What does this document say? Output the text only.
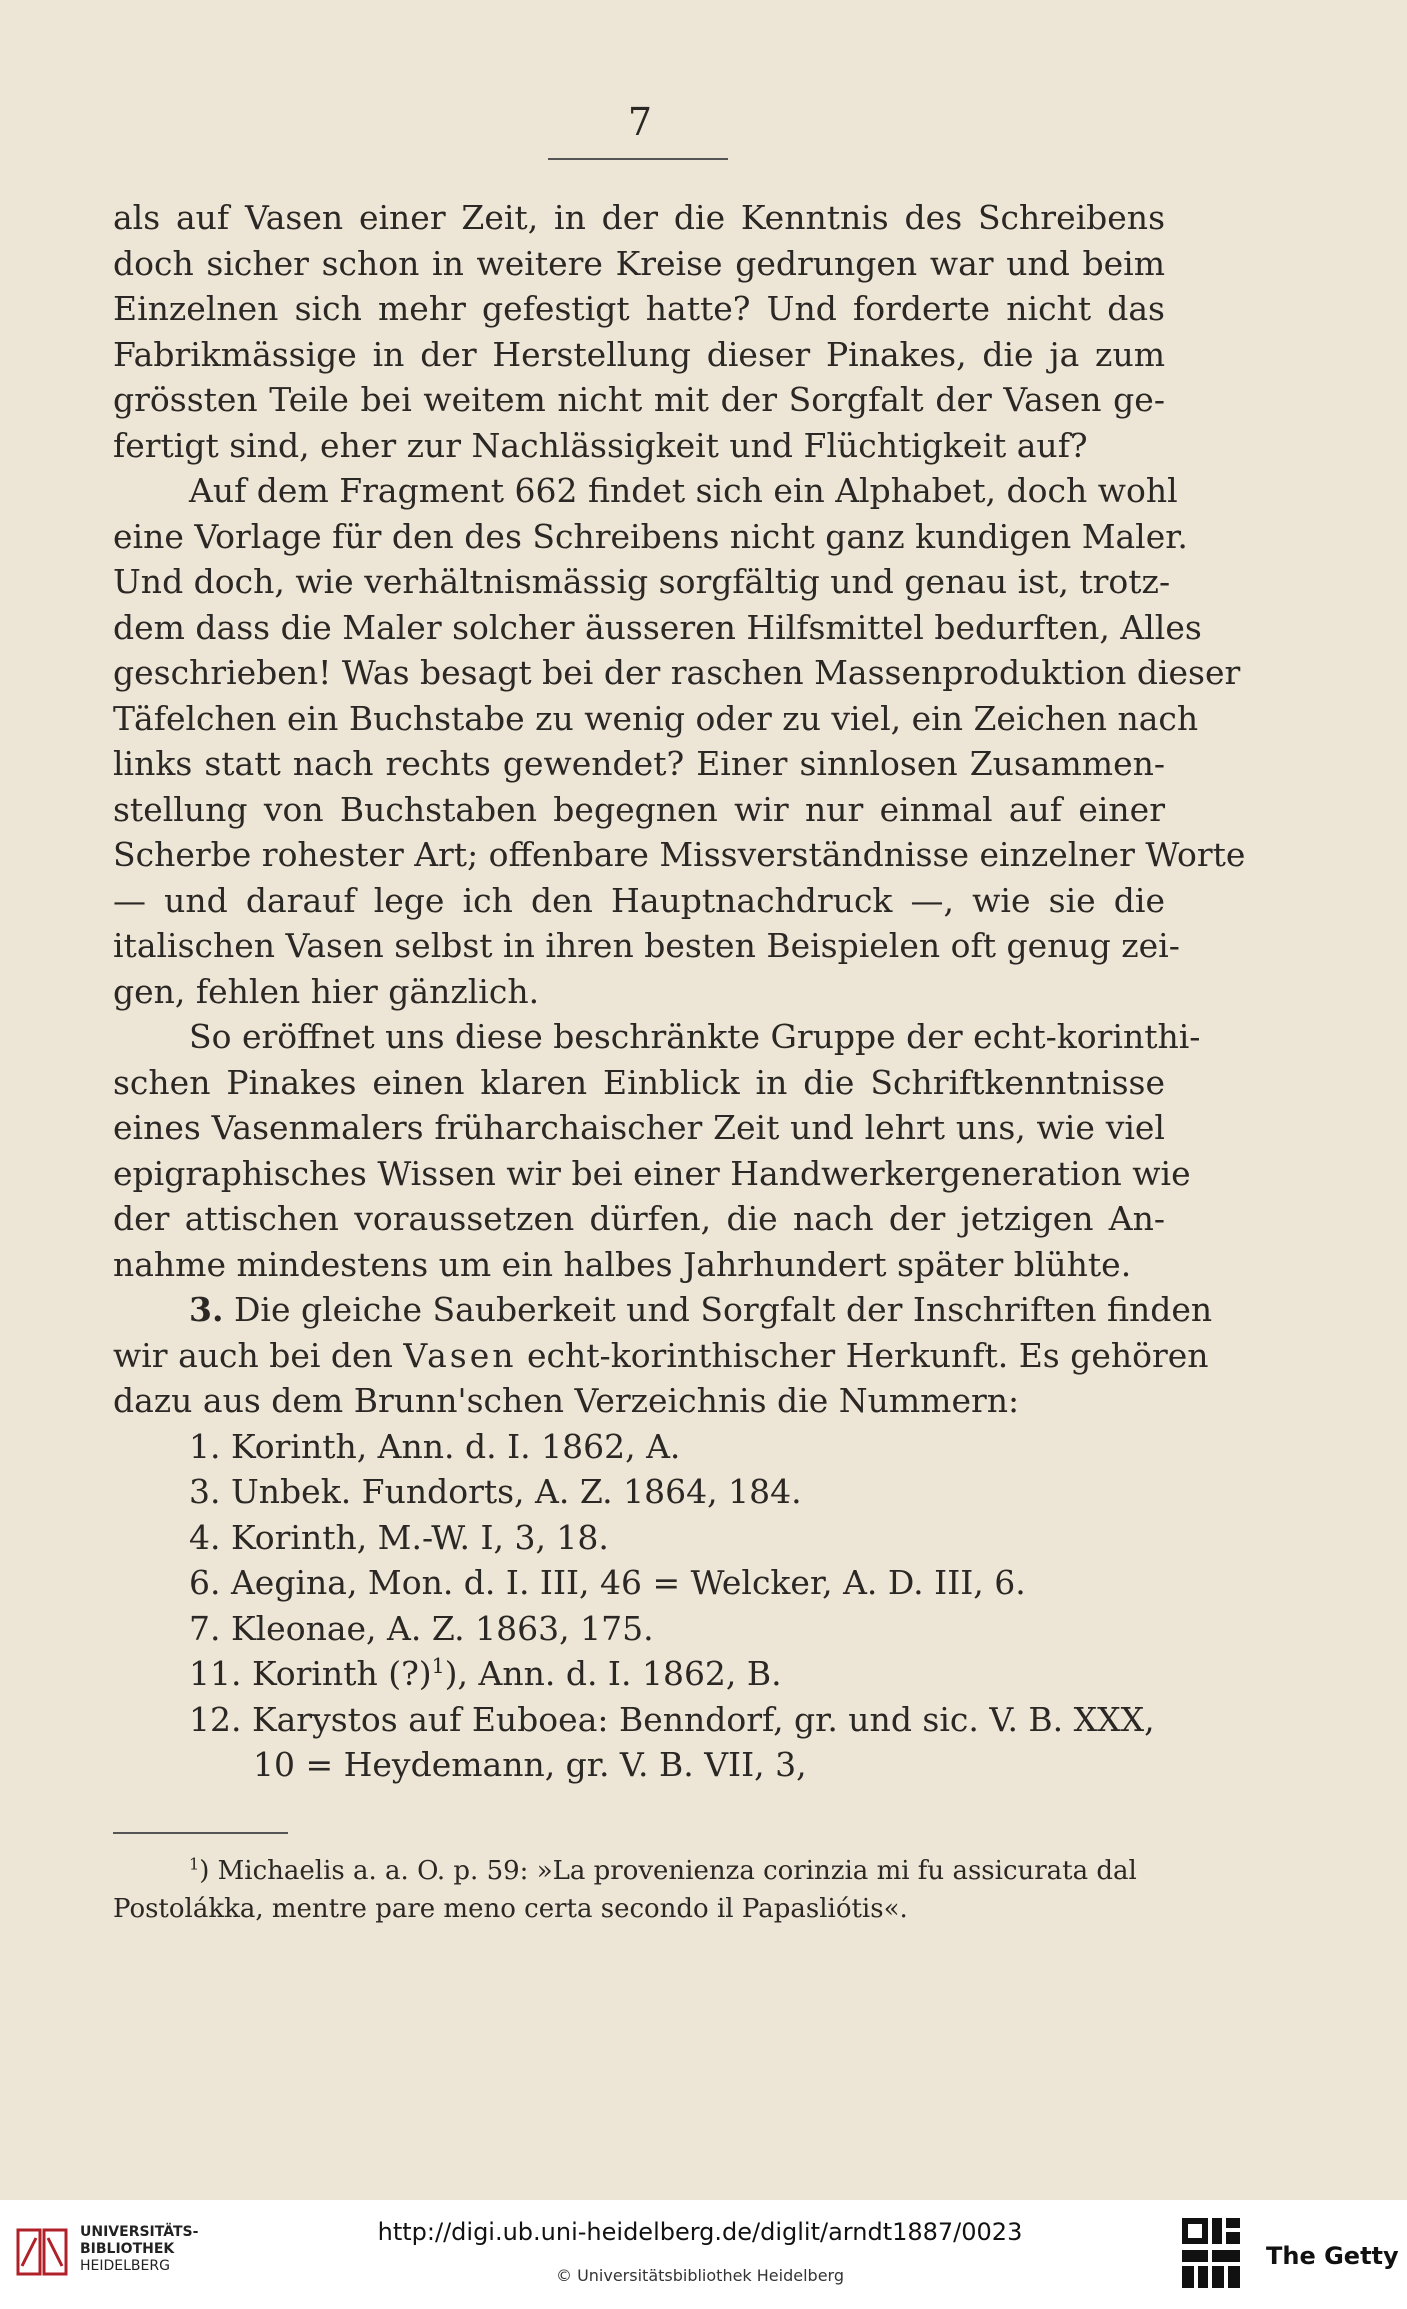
7
als auf Vasen einer Zeit, in der die Kenntnis des Schreibens
doch sicher schon in weitere Kreise gedrungen war und beim
Einzelnen sich mehr gefestigt hatte? Und forderte nicht das
Fabrikmässige in der Herstellung dieser Pinakes, die ja zum
grössten Teile bei weitem nicht mit der Sorgfalt der Vasen ge-
fertigt sind, eher zur Nachlässigkeit und Flüchtigkeit auf?
Auf dem Fragment 662 findet sich ein Alphabet, doch wohl
eine Vorlage für den des Schreibens nicht ganz kundigen Maler.
Und doch, wie verhältnismässig sorgfältig und genau ist, trotz-
dem dass die Maler solcher äusseren Hilfsmittel bedurften, Alles
geschrieben! Was besagt bei der raschen Massenproduktion dieser
Täfelchen ein Buchstabe zu wenig oder zu viel, ein Zeichen nach
links statt nach rechts gewendet? Einer sinnlosen Zusammen-
stellung von Buchstaben begegnen wir nur einmal auf einer
Scherbe rohester Art; offenbare Missverständnisse einzelner Worte
— und darauf lege ich den Hauptnachdruck —, wie sie die
italischen Vasen selbst in ihren besten Beispielen oft genug zei-
gen, fehlen hier gänzlich.
So eröffnet uns diese beschränkte Gruppe der echt-korinthi-
schen Pinakes einen klaren Einblick in die Schriftkenntnisse
eines Vasenmalers früharchaischer Zeit und lehrt uns, wie viel
epigraphisches Wissen wir bei einer Handwerkergeneration wie
der attischen voraussetzen dürfen, die nach der jetzigen An-
nahme mindestens um ein halbes Jahrhundert später blühte.
3. Die gleiche Sauberkeit und Sorgfalt der Inschriften finden
wir auch bei den Vasen echt-korinthischer Herkunft. Es gehören
dazu aus dem Brunn'schen Verzeichnis die Nummern:
1. Korinth, Ann. d. I. 1862, A.
3. Unbek. Fundorts, A. Z. 1864, 184.
4. Korinth, M.-W. I, 3, 18.
6. Aegina, Mon. d. I. III, 46 = Welcker, A. D. III, 6.
7. Kleonae, A. Z. 1863, 175.
11. Korinth (?)$^1$), Ann. d. I. 1862, B.
12. Karystos auf Euboea: Benndorf, gr. und sic. V. B. XXX,
10 = Heydemann, gr. V. B. VII, 3,
$^1$) Michaelis a. a. O. p. 59: »La provenienza corinzia mi fu assicurata dal
Postolákka, mentre pare meno certa secondo il Papasliótis«.
UNIVERSITÄTS-
BIBLIOTHEK
HEIDELBERG
http://digi.ub.uni-heidelberg.de/diglit/arndt1887/0023
© Universitätsbibliothek Heidelberg
The Getty
